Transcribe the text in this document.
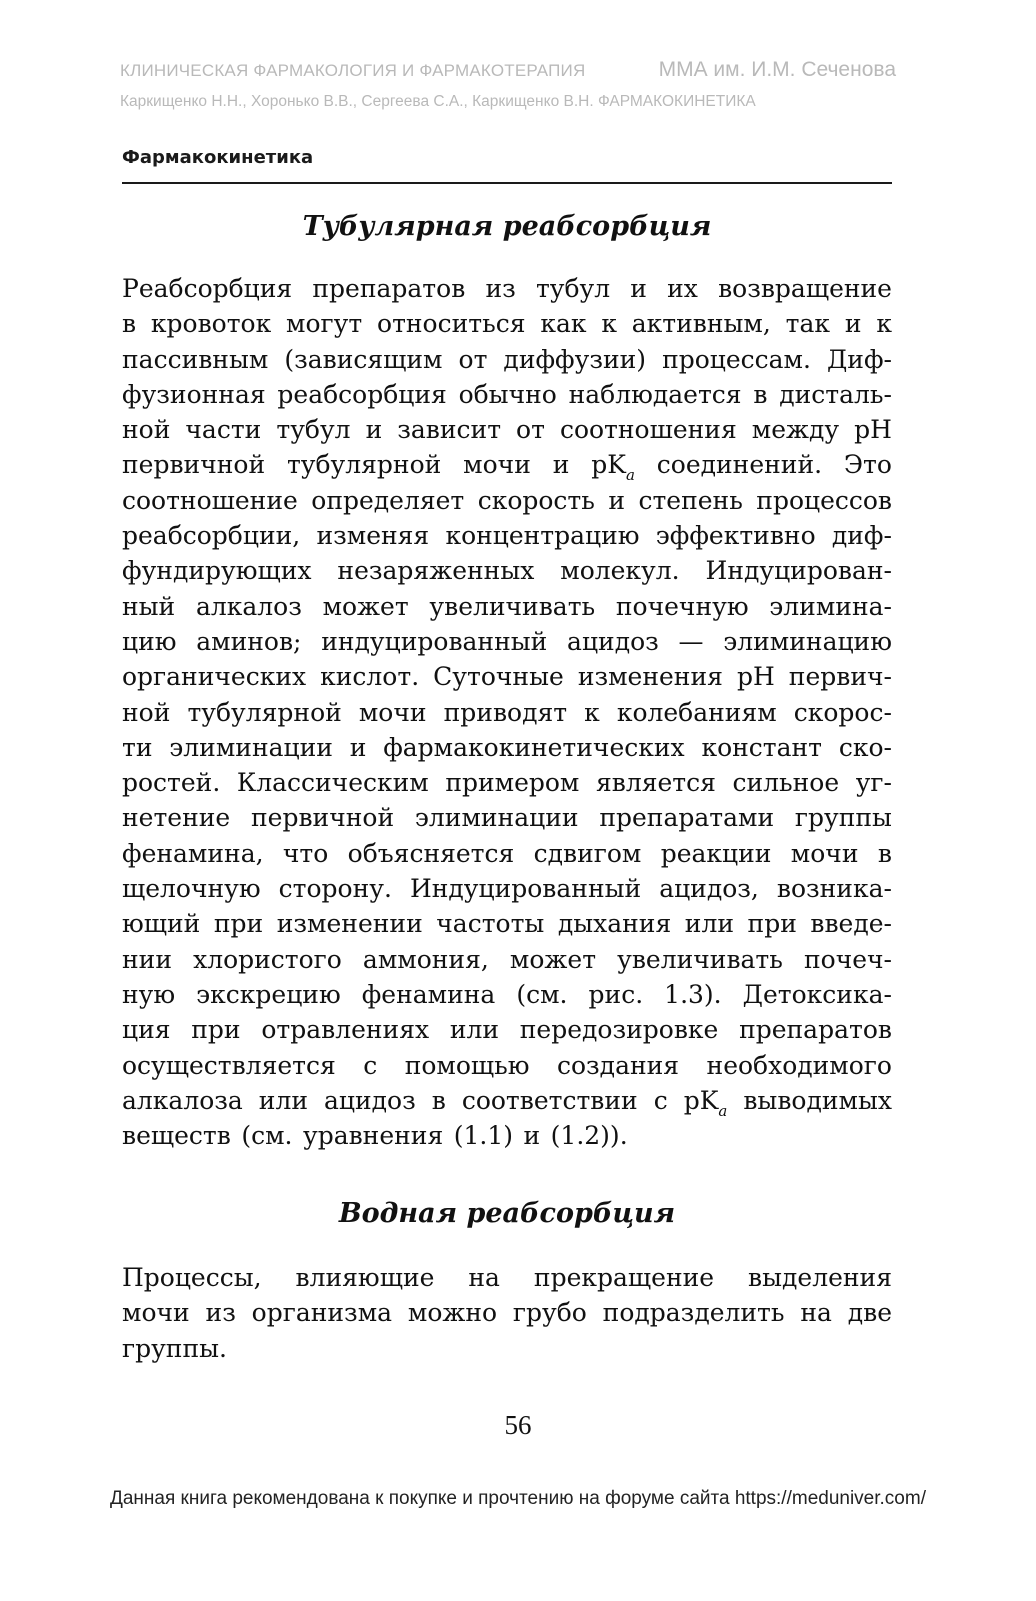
КЛИНИЧЕСКАЯ ФАРМАКОЛОГИЯ И ФАРМАКОТЕРАПИЯ	ММА им. И.М. Сеченова
Каркищенко Н.Н., Хоронько В.В., Сергеева С.А., Каркищенко В.Н. ФАРМАКОКИНЕТИКА
Фармакокинетика
Тубулярная реабсорбция
Реабсорбция препаратов из тубул и их возвращение
в кровоток могут относиться как к активным, так и к
пассивным (зависящим от диффузии) процессам. Диф-
фузионная реабсорбция обычно наблюдается в дисталь-
ной части тубул и зависит от соотношения между pH
первичной тубулярной мочи и $pK_a$ соединений. Это
соотношение определяет скорость и степень процессов
реабсорбции, изменяя концентрацию эффективно диф-
фундирующих незаряженных молекул. Индуцирован-
ный алкалоз может увеличивать почечную элимина-
цию аминов; индуцированный ацидоз — элиминацию
органических кислот. Суточные изменения pH первич-
ной тубулярной мочи приводят к колебаниям скорос-
ти элиминации и фармакокинетических констант ско-
ростей. Классическим примером является сильное уг-
нетение первичной элиминации препаратами группы
фенамина, что объясняется сдвигом реакции мочи в
щелочную сторону. Индуцированный ацидоз, возника-
ющий при изменении частоты дыхания или при введе-
нии хлористого аммония, может увеличивать почеч-
ную экскрецию фенамина (см. рис. 1.3). Детоксика-
ция при отравлениях или передозировке препаратов
осуществляется с помощью создания необходимого
алкалоза или ацидоз в соответствии с $pK_a$ выводимых
веществ (см. уравнения (1.1) и (1.2)).
Водная реабсорбция
Процессы, влияющие на прекращение выделения
мочи из организма можно грубо подразделить на две
группы.
56
Данная книга рекомендована к покупке и прочтению на форуме сайта https://meduniver.com/
